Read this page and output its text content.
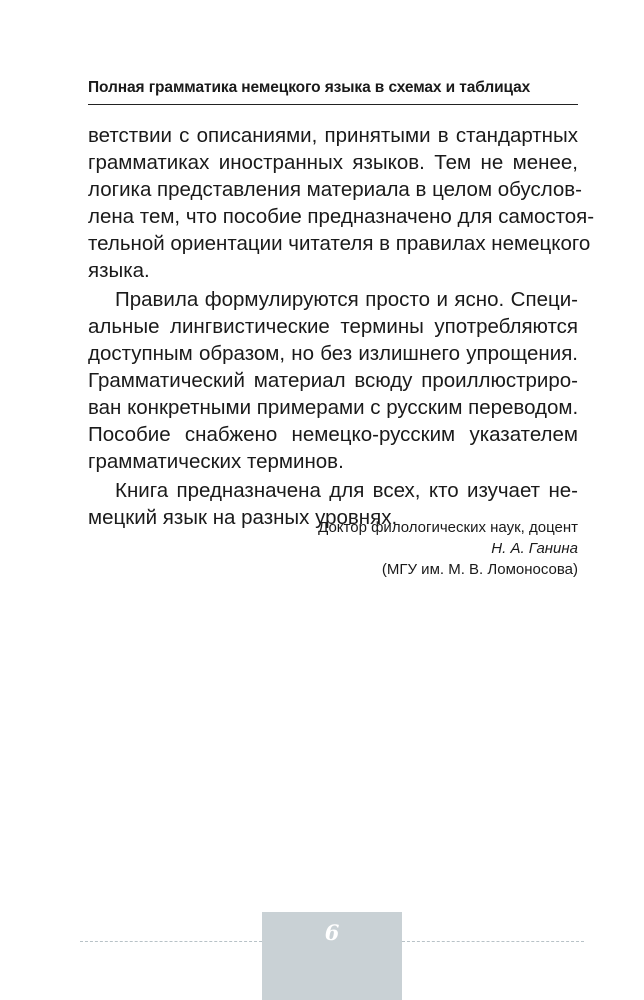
Полная грамматика немецкого языка в схемах и таблицах
ветствии с описаниями, принятыми в стандартных
грамматиках иностранных языков. Тем не менее,
логика представления материала в целом обуслов-
лена тем, что пособие предназначено для самостоя-
тельной ориентации читателя в правилах немецкого
языка.
Правила формулируются просто и ясно. Специ-
альные лингвистические термины употребляются
доступным образом, но без излишнего упрощения.
Грамматический материал всюду проиллюстриро-
ван конкретными примерами с русским переводом.
Пособие снабжено немецко-русским указателем
грамматических терминов.
Книга предназначена для всех, кто изучает не-
мецкий язык на разных уровнях.
Доктор филологических наук, доцент
Н. А. Ганина
(МГУ им. М. В. Ломоносова)
6
